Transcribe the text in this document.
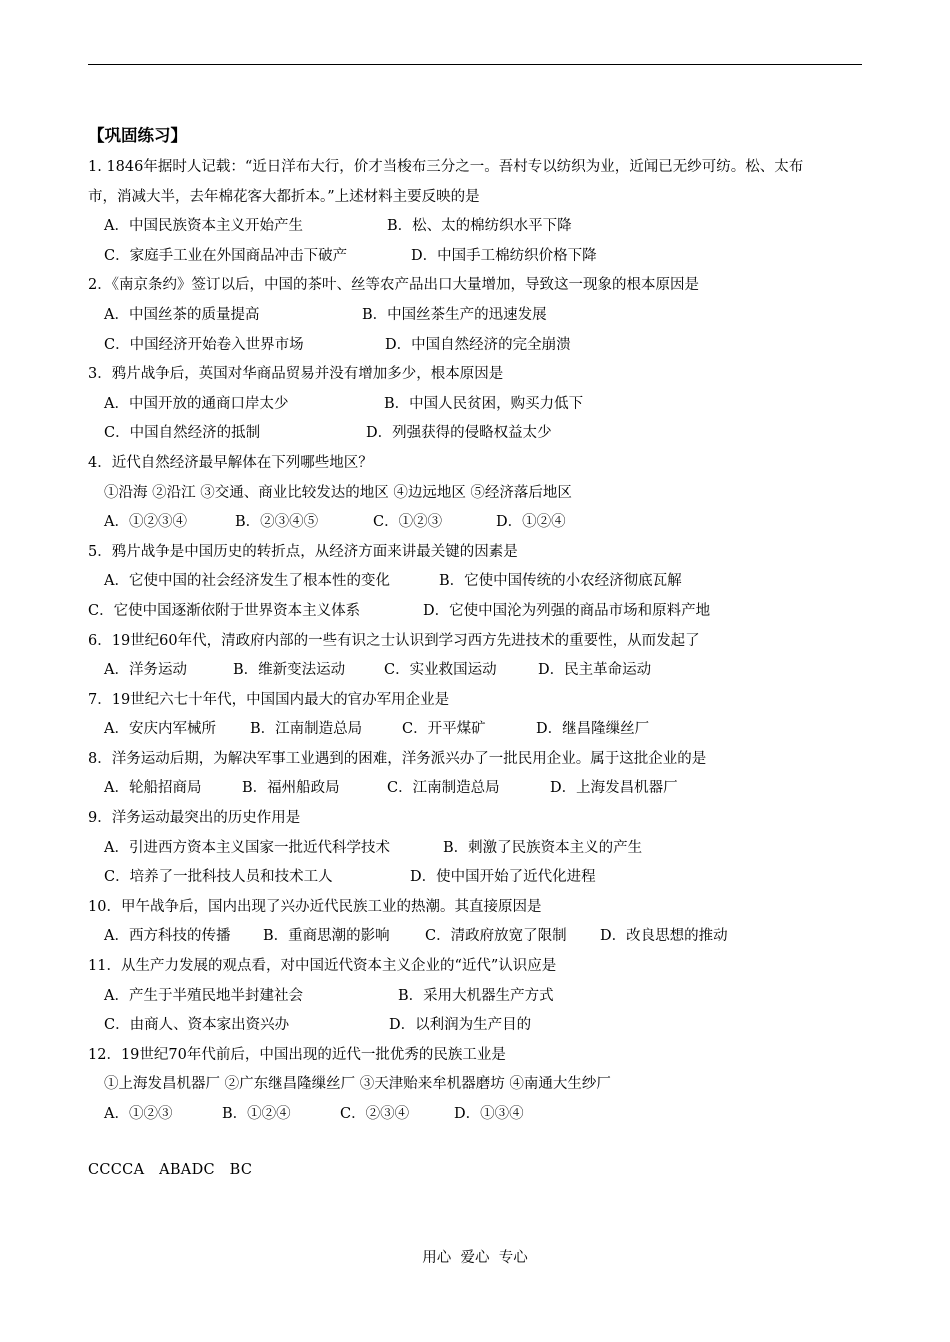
【巩固练习】
1. 1846年据时人记载：“近日洋布大行，价才当梭布三分之一。吾村专以纺织为业，近闻已无纱可纺。松、太布
市，消减大半，去年棉花客大都折本。”上述材料主要反映的是
A．中国民族资本主义开始产生	B．松、太的棉纺织水平下降
C．家庭手工业在外国商品冲击下破产	D．中国手工棉纺织价格下降
2．《南京条约》签订以后，中国的茶叶、丝等农产品出口大量增加，导致这一现象的根本原因是
A．中国丝茶的质量提高	B．中国丝茶生产的迅速发展
C．中国经济开始卷入世界市场	D．中国自然经济的完全崩溃
3．鸦片战争后，英国对华商品贸易并没有增加多少，根本原因是
A．中国开放的通商口岸太少	B．中国人民贫困，购买力低下
C．中国自然经济的抵制	D．列强获得的侵略权益太少
4．近代自然经济最早解体在下列哪些地区？
①沿海 ②沿江 ③交通、商业比较发达的地区 ④边远地区 ⑤经济落后地区
A．①②③④	B．②③④⑤	C．①②③	D．①②④
5．鸦片战争是中国历史的转折点，从经济方面来讲最关键的因素是
A．它使中国的社会经济发生了根本性的变化	B．它使中国传统的小农经济彻底瓦解
C．它使中国逐渐依附于世界资本主义体系	D．它使中国沦为列强的商品市场和原料产地
6．19世纪60年代，清政府内部的一些有识之士认识到学习西方先进技术的重要性，从而发起了
A．洋务运动	B．维新变法运动	C．实业救国运动	D．民主革命运动
7．19世纪六七十年代，中国国内最大的官办军用企业是
A．安庆内军械所 B．江南制造总局	C．开平煤矿	D．继昌隆缫丝厂
8．洋务运动后期，为解决军事工业遇到的困难，洋务派兴办了一批民用企业。属于这批企业的是
A．轮船招商局	B．福州船政局	C．江南制造总局	D．上海发昌机器厂
9．洋务运动最突出的历史作用是
A．引进西方资本主义国家一批近代科学技术	B．刺激了民族资本主义的产生
C．培养了一批科技人员和技术工人	D．使中国开始了近代化进程
10．甲午战争后，国内出现了兴办近代民族工业的热潮。其直接原因是
A．西方科技的传播 B．重商思潮的影响 C．清政府放宽了限制 D．改良思想的推动
11．从生产力发展的观点看，对中国近代资本主义企业的“近代”认识应是
A．产生于半殖民地半封建社会	B．采用大机器生产方式
C．由商人、资本家出资兴办	D．以利润为生产目的
12．19世纪70年代前后，中国出现的近代一批优秀的民族工业是
①上海发昌机器厂 ②广东继昌隆缫丝厂 ③天津贻来牟机器磨坊 ④南通大生纱厂
A．①②③	B．①②④	C．②③④	D．①③④
CCCCA   ABADC   BC
用心  爱心  专心
